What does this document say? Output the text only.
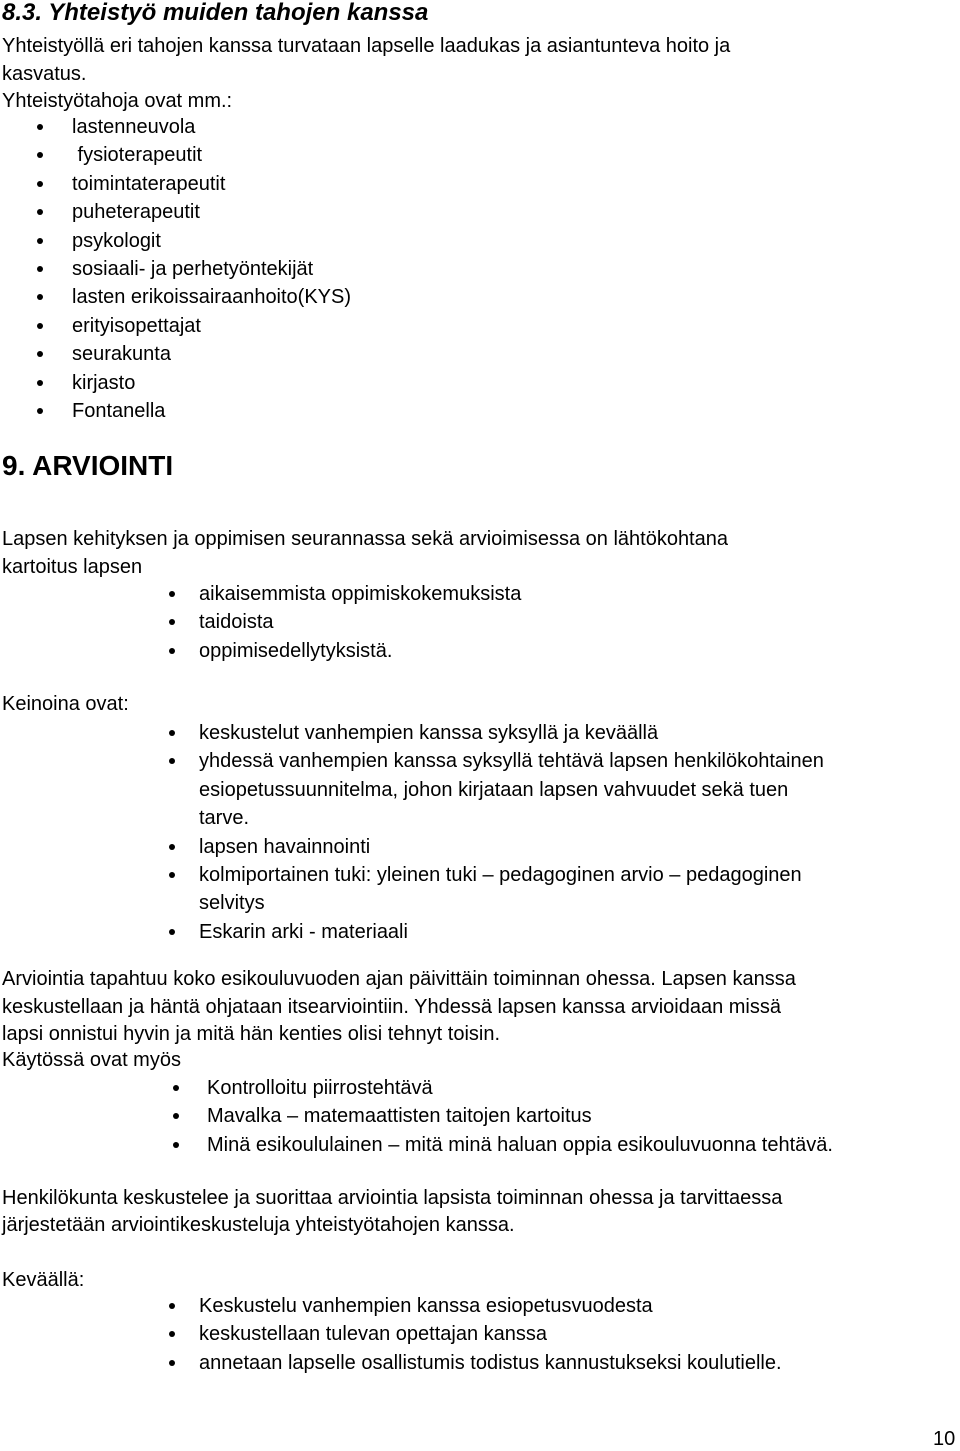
8.3. Yhteistyö muiden tahojen kanssa

Yhteistyöllä eri tahojen kanssa turvataan lapselle laadukas ja asiantunteva hoito ja

kasvatus.

Yhteistyötahoja ovat mm.:

lastenneuvola
fysioterapeutit
toimintaterapeutit
puheterapeutit
psykologit
sosiaali- ja perhetyöntekijät
lasten erikoissairaanhoito(KYS)
erityisopettajat
seurakunta
kirjasto
Fontanella
9. ARVIOINTI

Lapsen kehityksen ja oppimisen seurannassa sekä arvioimisessa on lähtökohtana

kartoitus lapsen

aikaisemmista oppimiskokemuksista
taidoista
oppimisedellytyksistä.

Keinoina ovat:

keskustelut vanhempien kanssa syksyllä ja keväällä
yhdessä vanhempien kanssa syksyllä tehtävä lapsen henkilökohtainen
esiopetussuunnitelma, johon kirjataan lapsen vahvuudet sekä tuen
tarve.
lapsen havainnointi
kolmiportainen tuki: yleinen tuki – pedagoginen arvio – pedagoginen
selvitys
Eskarin arki - materiaali

Arviointia tapahtuu koko esikouluvuoden ajan päivittäin toiminnan ohessa. Lapsen kanssa

keskustellaan ja häntä ohjataan itsearviointiin. Yhdessä lapsen kanssa arvioidaan missä

lapsi onnistui hyvin ja mitä hän kenties olisi tehnyt toisin.

Käytössä ovat myös

Kontrolloitu piirrostehtävä
Mavalka – matemaattisten taitojen kartoitus
Minä esikoululainen – mitä minä haluan oppia esikouluvuonna tehtävä.

Henkilökunta keskustelee ja suorittaa arviointia lapsista toiminnan ohessa ja tarvittaessa

järjestetään arviointikeskusteluja yhteistyötahojen kanssa.

Keväällä:

Keskustelu vanhempien kanssa esiopetusvuodesta
keskustellaan tulevan opettajan kanssa
annetaan lapselle osallistumis todistus kannustukseksi koulutielle.
10
